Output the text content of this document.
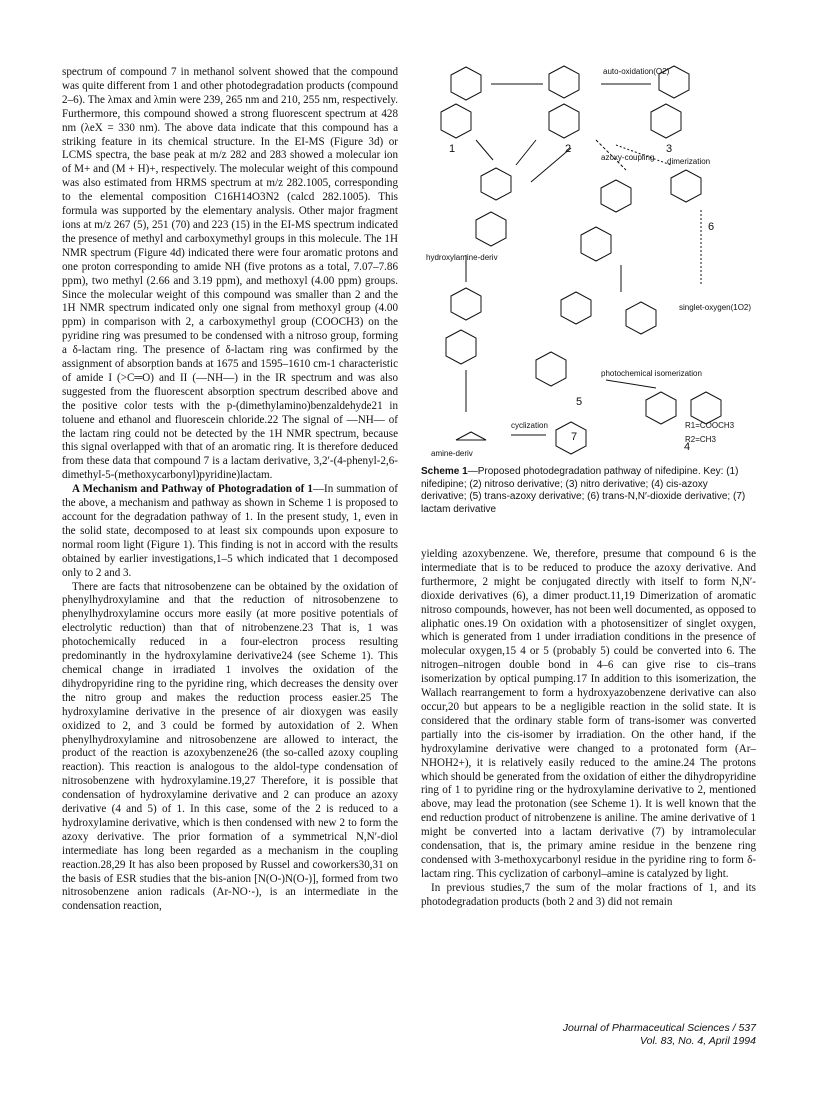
spectrum of compound 7 in methanol solvent showed that the compound was quite different from 1 and other photodegradation products (compound 2–6). The λmax and λmin were 239, 265 nm and 210, 255 nm, respectively. Furthermore, this compound showed a strong fluorescent spectrum at 428 nm (λeX = 330 nm). The above data indicate that this compound has a striking feature in its chemical structure. In the EI-MS (Figure 3d) or LCMS spectra, the base peak at m/z 282 and 283 showed a molecular ion of M+ and (M + H)+, respectively. The molecular weight of this compound was also estimated from HRMS spectrum at m/z 282.1005, corresponding to the elemental composition C16H14O3N2 (calcd 282.1005). This formula was supported by the elementary analysis. Other major fragment ions at m/z 267 (5), 251 (70) and 223 (15) in the EI-MS spectrum indicated the presence of methyl and carboxymethyl groups in this molecule. The 1H NMR spectrum (Figure 4d) indicated there were four aromatic protons and one proton corresponding to amide NH (five protons as a total, 7.07–7.86 ppm), two methyl (2.66 and 3.19 ppm), and methoxyl (4.00 ppm) groups. Since the molecular weight of this compound was smaller than 2 and the 1H NMR spectrum indicated only one signal from methoxyl group (4.00 ppm) in comparison with 2, a carboxymethyl group (COOCH3) on the pyridine ring was presumed to be condensed with a nitroso group, forming a δ-lactam ring. The presence of δ-lactam ring was confirmed by the assignment of absorption bands at 1675 and 1595–1610 cm-1 characteristic of amide I (>C═O) and II (—NH—) in the IR spectrum and was also suggested from the fluorescent absorption spectrum described above and the positive color tests with the p-(dimethylamino)benzaldehyde21 in toluene and ethanol and fluorescein chloride.22 The signal of —NH— of the lactam ring could not be detected by the 1H NMR spectrum, because this signal overlapped with that of an aromatic ring. It is therefore deduced from these data that compound 7 is a lactam derivative, 3,2′-(4-phenyl-2,6-dimethyl-5-(methoxycarbonyl)pyridine)lactam.

A Mechanism and Pathway of Photogradation of 1—In summation of the above, a mechanism and pathway as shown in Scheme 1 is proposed to account for the degradation pathway of 1. In the present study, 1, even in the solid state, decomposed to at least six compounds upon exposure to normal room light (Figure 1). This finding is not in accord with the results obtained by earlier investigations,1–5 which indicated that 1 decomposed only to 2 and 3.

There are facts that nitrosobenzene can be obtained by the oxidation of phenylhydroxylamine and that the reduction of nitrosobenzene to phenylhydroxylamine occurs more easily (at more positive potentials of electrolytic reduction) than that of nitrobenzene.23 That is, 1 was photochemically reduced in a four-electron process resulting predominantly in the hydroxylamine derivative24 (see Scheme 1). This chemical change in irradiated 1 involves the oxidation of the dihydropyridine ring to the pyridine ring, which decreases the density over the nitro group and makes the reduction process easier.25 The hydroxylamine derivative in the presence of air dioxygen was easily oxidized to 2, and 3 could be formed by autoxidation of 2. When phenylhydroxylamine and nitrosobenzene are allowed to interact, the product of the reaction is azoxybenzene26 (the so-called azoxy coupling reaction). This reaction is analogous to the aldol-type condensation of nitrosobenzene with hydroxylamine.19,27 Therefore, it is possible that condensation of hydroxylamine derivative and 2 can produce an azoxy derivative (4 and 5) of 1. In this case, some of the 2 is reduced to a hydroxylamine derivative, which is then condensed with new 2 to form the azoxy derivative. The prior formation of a symmetrical N,N′-diol intermediate has long been regarded as a mechanism in the coupling reaction.28,29 It has also been proposed by Russel and coworkers30,31 on the basis of ESR studies that the bis-anion [N(O-)N(O-)], formed from two nitrosobenzene anion radicals (Ar-NO·-), is an intermediate in the condensation reaction,

1	2	3
6
5
4
7
auto-oxidation(O2)
dimerization
azoxy-coupling
hydroxylamine-deriv
singlet-oxygen(1O2)
photochemical isomerization
cyclization
amine-deriv
R1=COOCH3
R2=CH3
Scheme 1—Proposed photodegradation pathway of nifedipine. Key: (1) nifedipine; (2) nitroso derivative; (3) nitro derivative; (4) cis-azoxy derivative; (5) trans-azoxy derivative; (6) trans-N,N′-dioxide derivative; (7) lactam derivative

yielding azoxybenzene. We, therefore, presume that compound 6 is the intermediate that is to be reduced to produce the azoxy derivative. And furthermore, 2 might be conjugated directly with itself to form N,N′-dioxide derivatives (6), a dimer product.11,19 Dimerization of aromatic nitroso compounds, however, has not been well documented, as opposed to aliphatic ones.19 On oxidation with a photosensitizer of singlet oxygen, which is generated from 1 under irradiation conditions in the presence of molecular oxygen,15 4 or 5 (probably 5) could be converted into 6. The nitrogen–nitrogen double bond in 4–6 can give rise to cis–trans isomerization by optical pumping.17 In addition to this isomerization, the Wallach rearrangement to form a hydroxyazobenzene derivative can also occur,20 but appears to be a negligible reaction in the solid state. It is considered that the ordinary stable form of trans-isomer was converted partially into the cis-isomer by irradiation. On the other hand, if the hydroxylamine derivative were changed to a protonated form (Ar–NHOH2+), it is relatively easily reduced to the amine.24 The protons which should be generated from the oxidation of either the dihydropyridine ring of 1 to pyridine ring or the hydroxylamine derivative to 2, mentioned above, may lead the protonation (see Scheme 1). It is well known that the end reduction product of nitrobenzene is aniline. The amine derivative of 1 might be converted into a lactam derivative (7) by intramolecular condensation, that is, the primary amine residue in the benzene ring condensed with 3-methoxycarbonyl residue in the pyridine ring to form δ-lactam ring. This cyclization of carbonyl–amine is catalyzed by light.

In previous studies,7 the sum of the molar fractions of 1, and its photodegradation products (both 2 and 3) did not remain

Journal of Pharmaceutical Sciences / 537
Vol. 83, No. 4, April 1994
